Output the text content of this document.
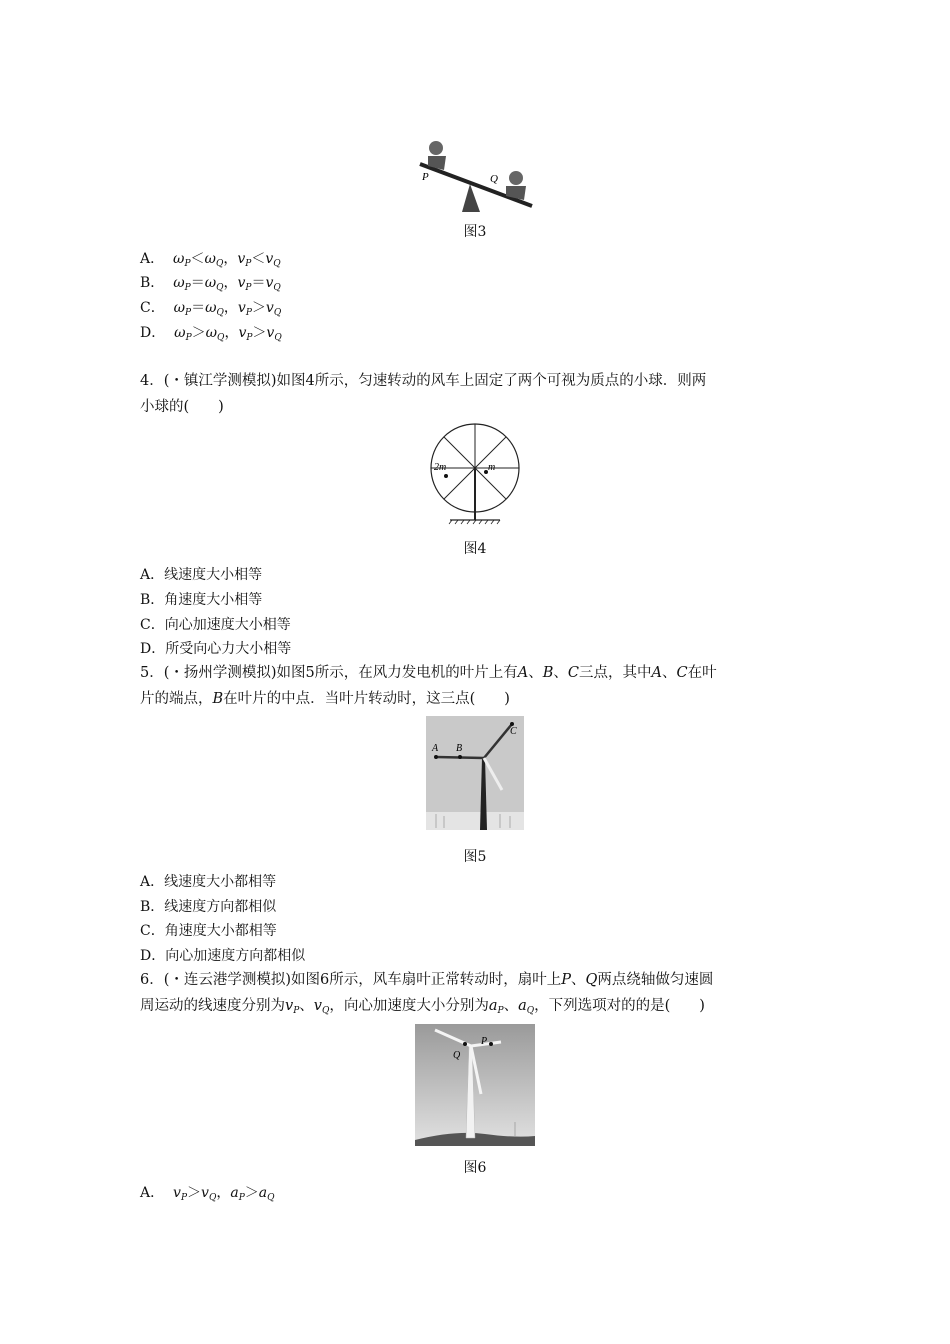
P	Q
图3
A． $\omega_P<\omega_Q$，$v_P<v_Q$
B． $\omega_P=\omega_Q$，$v_P=v_Q$
C． $\omega_P=\omega_Q$，$v_P>v_Q$
D． $\omega_P>\omega_Q$，$v_P>v_Q$
4．(・镇江学测模拟)如图4所示，匀速转动的风车上固定了两个可视为质点的小球．则两
小球的(　　)
2m	m
图4
A．线速度大小相等
B．角速度大小相等
C．向心加速度大小相等
D．所受向心力大小相等
5．(・扬州学测模拟)如图5所示，在风力发电机的叶片上有A、B、C三点，其中A、C在叶
片的端点，B在叶片的中点．当叶片转动时，这三点(　　)
A B
C
图5
A．线速度大小都相等
B．线速度方向都相似
C．角速度大小都相等
D．向心加速度方向都相似
6．(・连云港学测模拟)如图6所示，风车扇叶正常转动时，扇叶上P、Q两点绕轴做匀速圆
周运动的线速度分别为$v_P$、$v_Q$，向心加速度大小分别为$a_P$、$a_Q$，下列选项对的的是(　　)
Q
P
图6
A． $v_P>v_Q$，$a_P>a_Q$
